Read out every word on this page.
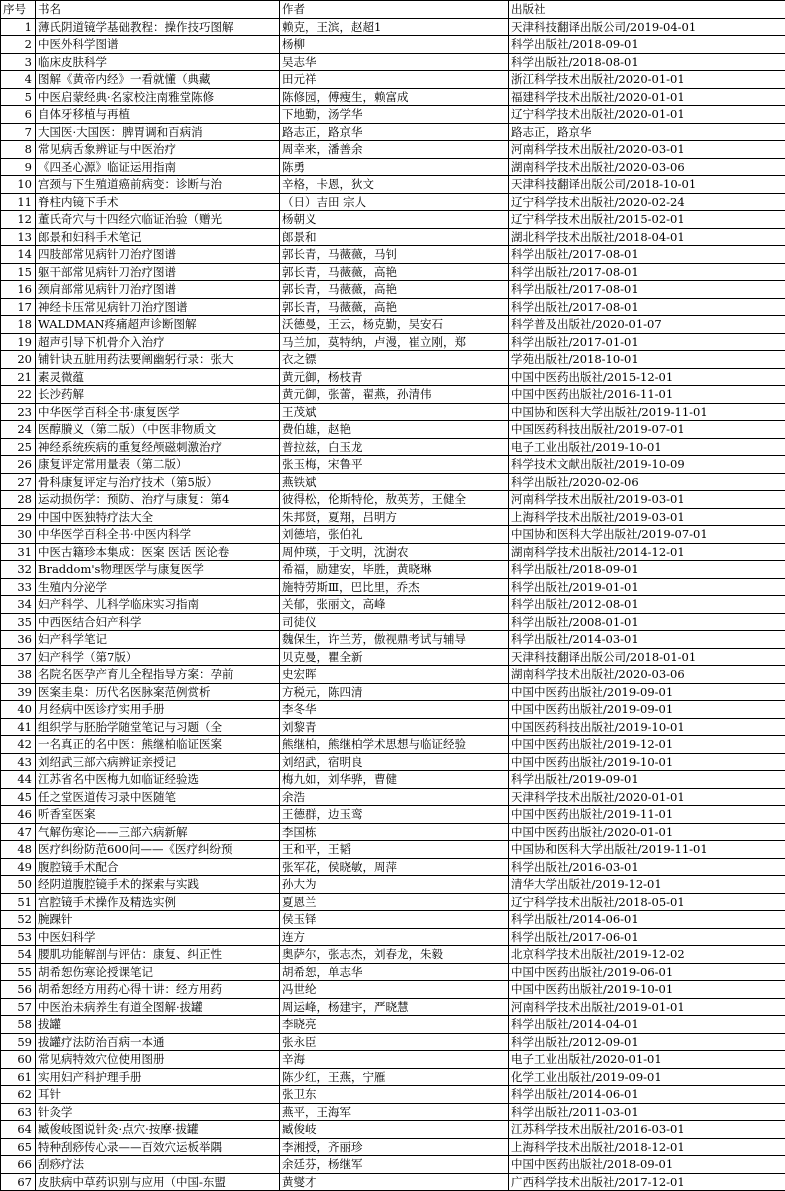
序号	书名	作者	出版社
1	薄氏阴道镜学基础教程：操作技巧图解	赖克，王滨，赵超1	天津科技翻译出版公司/2019-04-01
2	中医外科学图谱	杨柳	科学出版社/2018-09-01
3	临床皮肤科学	吴志华	科学出版社/2018-08-01
4	图解《黄帝内经》一看就懂（典藏	田元祥	浙江科学技术出版社/2020-01-01
5	中医启蒙经典·名家校注南雅堂陈修	陈修园，傅瘦生，赖富成	福建科学技术出版社/2020-01-01
6	自体牙移植与再植	下地勤，汤学华	辽宁科学技术出版社/2020-01-01
7	大国医·大国医：脾胃调和百病消	路志正，路京华	路志正，路京华
8	常见病舌象辨证与中医治疗	周幸来，潘善余	河南科学技术出版社/2020-03-01
9	《四圣心源》临证运用指南	陈勇	湖南科学技术出版社/2020-03-06
10	宫颈与下生殖道癌前病变：诊断与治	辛格，卡恩，狄文	天津科技翻译出版公司/2018-10-01
11	脊柱内镜下手术	（日）吉田 宗人	辽宁科学技术出版社/2020-02-24
12	董氏奇穴与十四经穴临证治验（赠光	杨朝义	辽宁科学技术出版社/2015-02-01
13	郎景和妇科手术笔记	郎景和	湖北科学技术出版社/2018-04-01
14	四肢部常见病针刀治疗图谱	郭长青，马薇薇，马钊	科学出版社/2017-08-01
15	躯干部常见病针刀治疗图谱	郭长青，马薇薇，高艳	科学出版社/2017-08-01
16	颈肩部常见病针刀治疗图谱	郭长青，马薇薇，高艳	科学出版社/2017-08-01
17	神经卡压常见病针刀治疗图谱	郭长青，马薇薇，高艳	科学出版社/2017-08-01
18	WALDMAN疼痛超声诊断图解	沃德曼，王云，杨克勤，吴安石	科学普及出版社/2020-01-07
19	超声引导下机骨介入治疗	马兰加，莫特纳，卢漫，崔立刚，郑	科学出版社/2017-01-01
20	铺针诀五脏用药法要阐幽躬行录：张大	衣之镖	学苑出版社/2018-10-01
21	素灵微蕴	黄元御，杨枝青	中国中医药出版社/2015-12-01
22	长沙药解	黄元御，张蕾，翟燕，孙清伟	中国中医药出版社/2016-11-01
23	中华医学百科全书·康复医学	王茂斌	中国协和医科大学出版社/2019-11-01
24	医醇賸义（第二版）（中医非物质文	费伯雄，赵艳	中国医药科技出版社/2019-07-01
25	神经系统疾病的重复经颅磁刺激治疗	普拉兹，白玉龙	电子工业出版社/2019-10-01
26	康复评定常用量表（第二版）	张玉梅，宋鲁平	科学技术文献出版社/2019-10-09
27	骨科康复评定与治疗技术（第5版）	燕铁斌	科学出版社/2020-02-06
28	运动损伤学：预防、治疗与康复：第4	彼得松，伦斯特伦，敖英芳，王健全	河南科学技术出版社/2019-03-01
29	中国中医独特疗法大全	朱邦贤，夏翔，吕明方	上海科学技术出版社/2019-03-01
30	中华医学百科全书·中医内科学	刘德培，张伯礼	中国协和医科大学出版社/2019-07-01
31	中医古籍珍本集成：医案 医话 医论卷	周仲瑛，于文明，沈澍农	湖南科学技术出版社/2014-12-01
32	Braddom's物理医学与康复医学	希福，励建安，毕胜，黄晓琳	科学出版社/2018-09-01
33	生殖内分泌学	施特劳斯Ⅲ，巴比里，乔杰	科学出版社/2019-01-01
34	妇产科学、儿科学临床实习指南	关郁，张丽文，高峰	科学出版社/2012-08-01
35	中西医结合妇产科学	司徒仪	科学出版社/2008-01-01
36	妇产科学笔记	魏保生，许兰芳，傲视鼎考试与辅导	科学出版社/2014-03-01
37	妇产科学（第7版）	贝克曼，瞿全新	天津科技翻译出版公司/2018-01-01
38	名院名医孕产育儿全程指导方案：孕前	史宏晖	湖南科学技术出版社/2020-03-06
39	医案圭臬：历代名医脉案范例赏析	方税元，陈四清	中国中医药出版社/2019-09-01
40	月经病中医诊疗实用手册	李冬华	中国中医药出版社/2019-09-01
41	组织学与胚胎学随堂笔记与习题（全	刘黎青	中国医药科技出版社/2019-10-01
42	一名真正的名中医：熊继柏临证医案	熊继柏，熊继柏学术思想与临证经验	中国中医药出版社/2019-12-01
43	刘绍武三部六病辨证亲授记	刘绍武，宿明良	中国中医药出版社/2019-10-01
44	江苏省名中医梅九如临证经验选	梅九如，刘华骅，曹健	科学出版社/2019-09-01
45	任之堂医道传习录中医随笔	余浩	天津科学技术出版社/2020-01-01
46	听香室医案	王德群，边玉鸾	中国中医药出版社/2019-11-01
47	气解伤寒论——三部六病新解	李国栋	中国中医药出版社/2020-01-01
48	医疗纠纷防范600问——《医疗纠纷预	王和平，王韬	中国协和医科大学出版社/2019-11-01
49	腹腔镜手术配合	张军花，侯晓敏，周萍	科学出版社/2016-03-01
50	经阴道腹腔镜手术的探索与实践	孙大为	清华大学出版社/2019-12-01
51	宫腔镜手术操作及精选实例	夏恩兰	辽宁科学技术出版社/2018-05-01
52	腕踝针	侯玉铎	科学出版社/2014-06-01
53	中医妇科学	连方	科学出版社/2017-06-01
54	腰肌功能解剖与评估：康复、纠正性	奥萨尔，张志杰，刘春龙，朱毅	北京科学技术出版社/2019-12-02
55	胡希恕伤寒论授课笔记	胡希恕，单志华	中国中医药出版社/2019-06-01
56	胡希恕经方用药心得十讲：经方用药	冯世纶	中国中医药出版社/2019-10-01
57	中医治未病养生有道全图解·拔罐	周运峰，杨建宇，严晓慧	河南科学技术出版社/2019-01-01
58	拔罐	李晓亮	科学出版社/2014-04-01
59	拔罐疗法防治百病一本通	张永臣	科学出版社/2012-09-01
60	常见病特效穴位使用图册	辛海	电子工业出版社/2020-01-01
61	实用妇产科护理手册	陈少红，王燕，宁雁	化学工业出版社/2019-09-01
62	耳针	张卫东	科学出版社/2014-06-01
63	针灸学	燕平，王海军	科学出版社/2011-03-01
64	臧俊岐图说针灸·点穴·按摩·拔罐	臧俊岐	江苏科学技术出版社/2016-03-01
65	特种刮痧传心录——百效穴运板举隅	李湘授，齐丽珍	上海科学技术出版社/2018-12-01
66	刮痧疗法	余廷芬，杨继军	中国中医药出版社/2018-09-01
67	皮肤病中草药识别与应用（中国-东盟	黄燮才	广西科学技术出版社/2017-12-01
